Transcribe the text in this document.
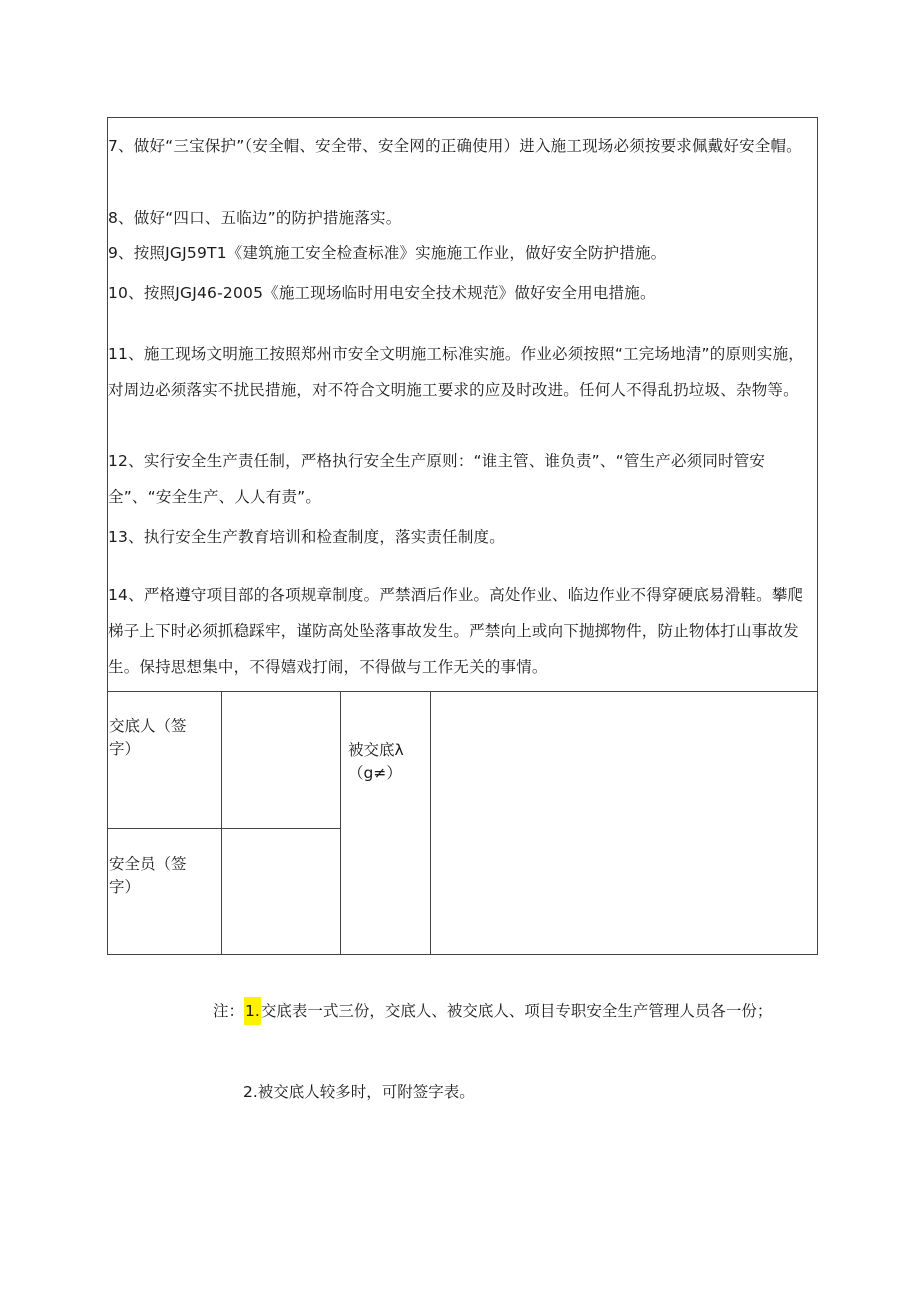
7、做好“三宝保护”（安全帽、安全带、安全网的正确使用）进入施工现场必须按要求佩戴好安全帽。
8、做好“四口、五临边”的防护措施落实。
9、按照JGJ59T1《建筑施工安全检查标准》实施施工作业，做好安全防护措施。
10、按照JGJ46-2005《施工现场临时用电安全技术规范》做好安全用电措施。
11、施工现场文明施工按照郑州市安全文明施工标准实施。作业必须按照“工完场地清”的原则实施，对周边必须落实不扰民措施，对不符合文明施工要求的应及时改进。任何人不得乱扔垃圾、杂物等。
12、实行安全生产责任制，严格执行安全生产原则：“谁主管、谁负责”、“管生产必须同时管安全”、“安全生产、人人有责”。
13、执行安全生产教育培训和检查制度，落实责任制度。
14、严格遵守项目部的各项规章制度。严禁酒后作业。高处作业、临边作业不得穿硬底易滑鞋。攀爬梯子上下时必须抓稳踩牢，谨防高处坠落事故发生。严禁向上或向下抛掷物件，防止物体打山事故发生。保持思想集中，不得嬉戏打闹，不得做与工作无关的事情。
交底人（签字）
安全员（签字）
被交底λ（g≠）
注：1.交底表一式三份，交底人、被交底人、项目专职安全生产管理人员各一份；
2.被交底人较多时，可附签字表。
